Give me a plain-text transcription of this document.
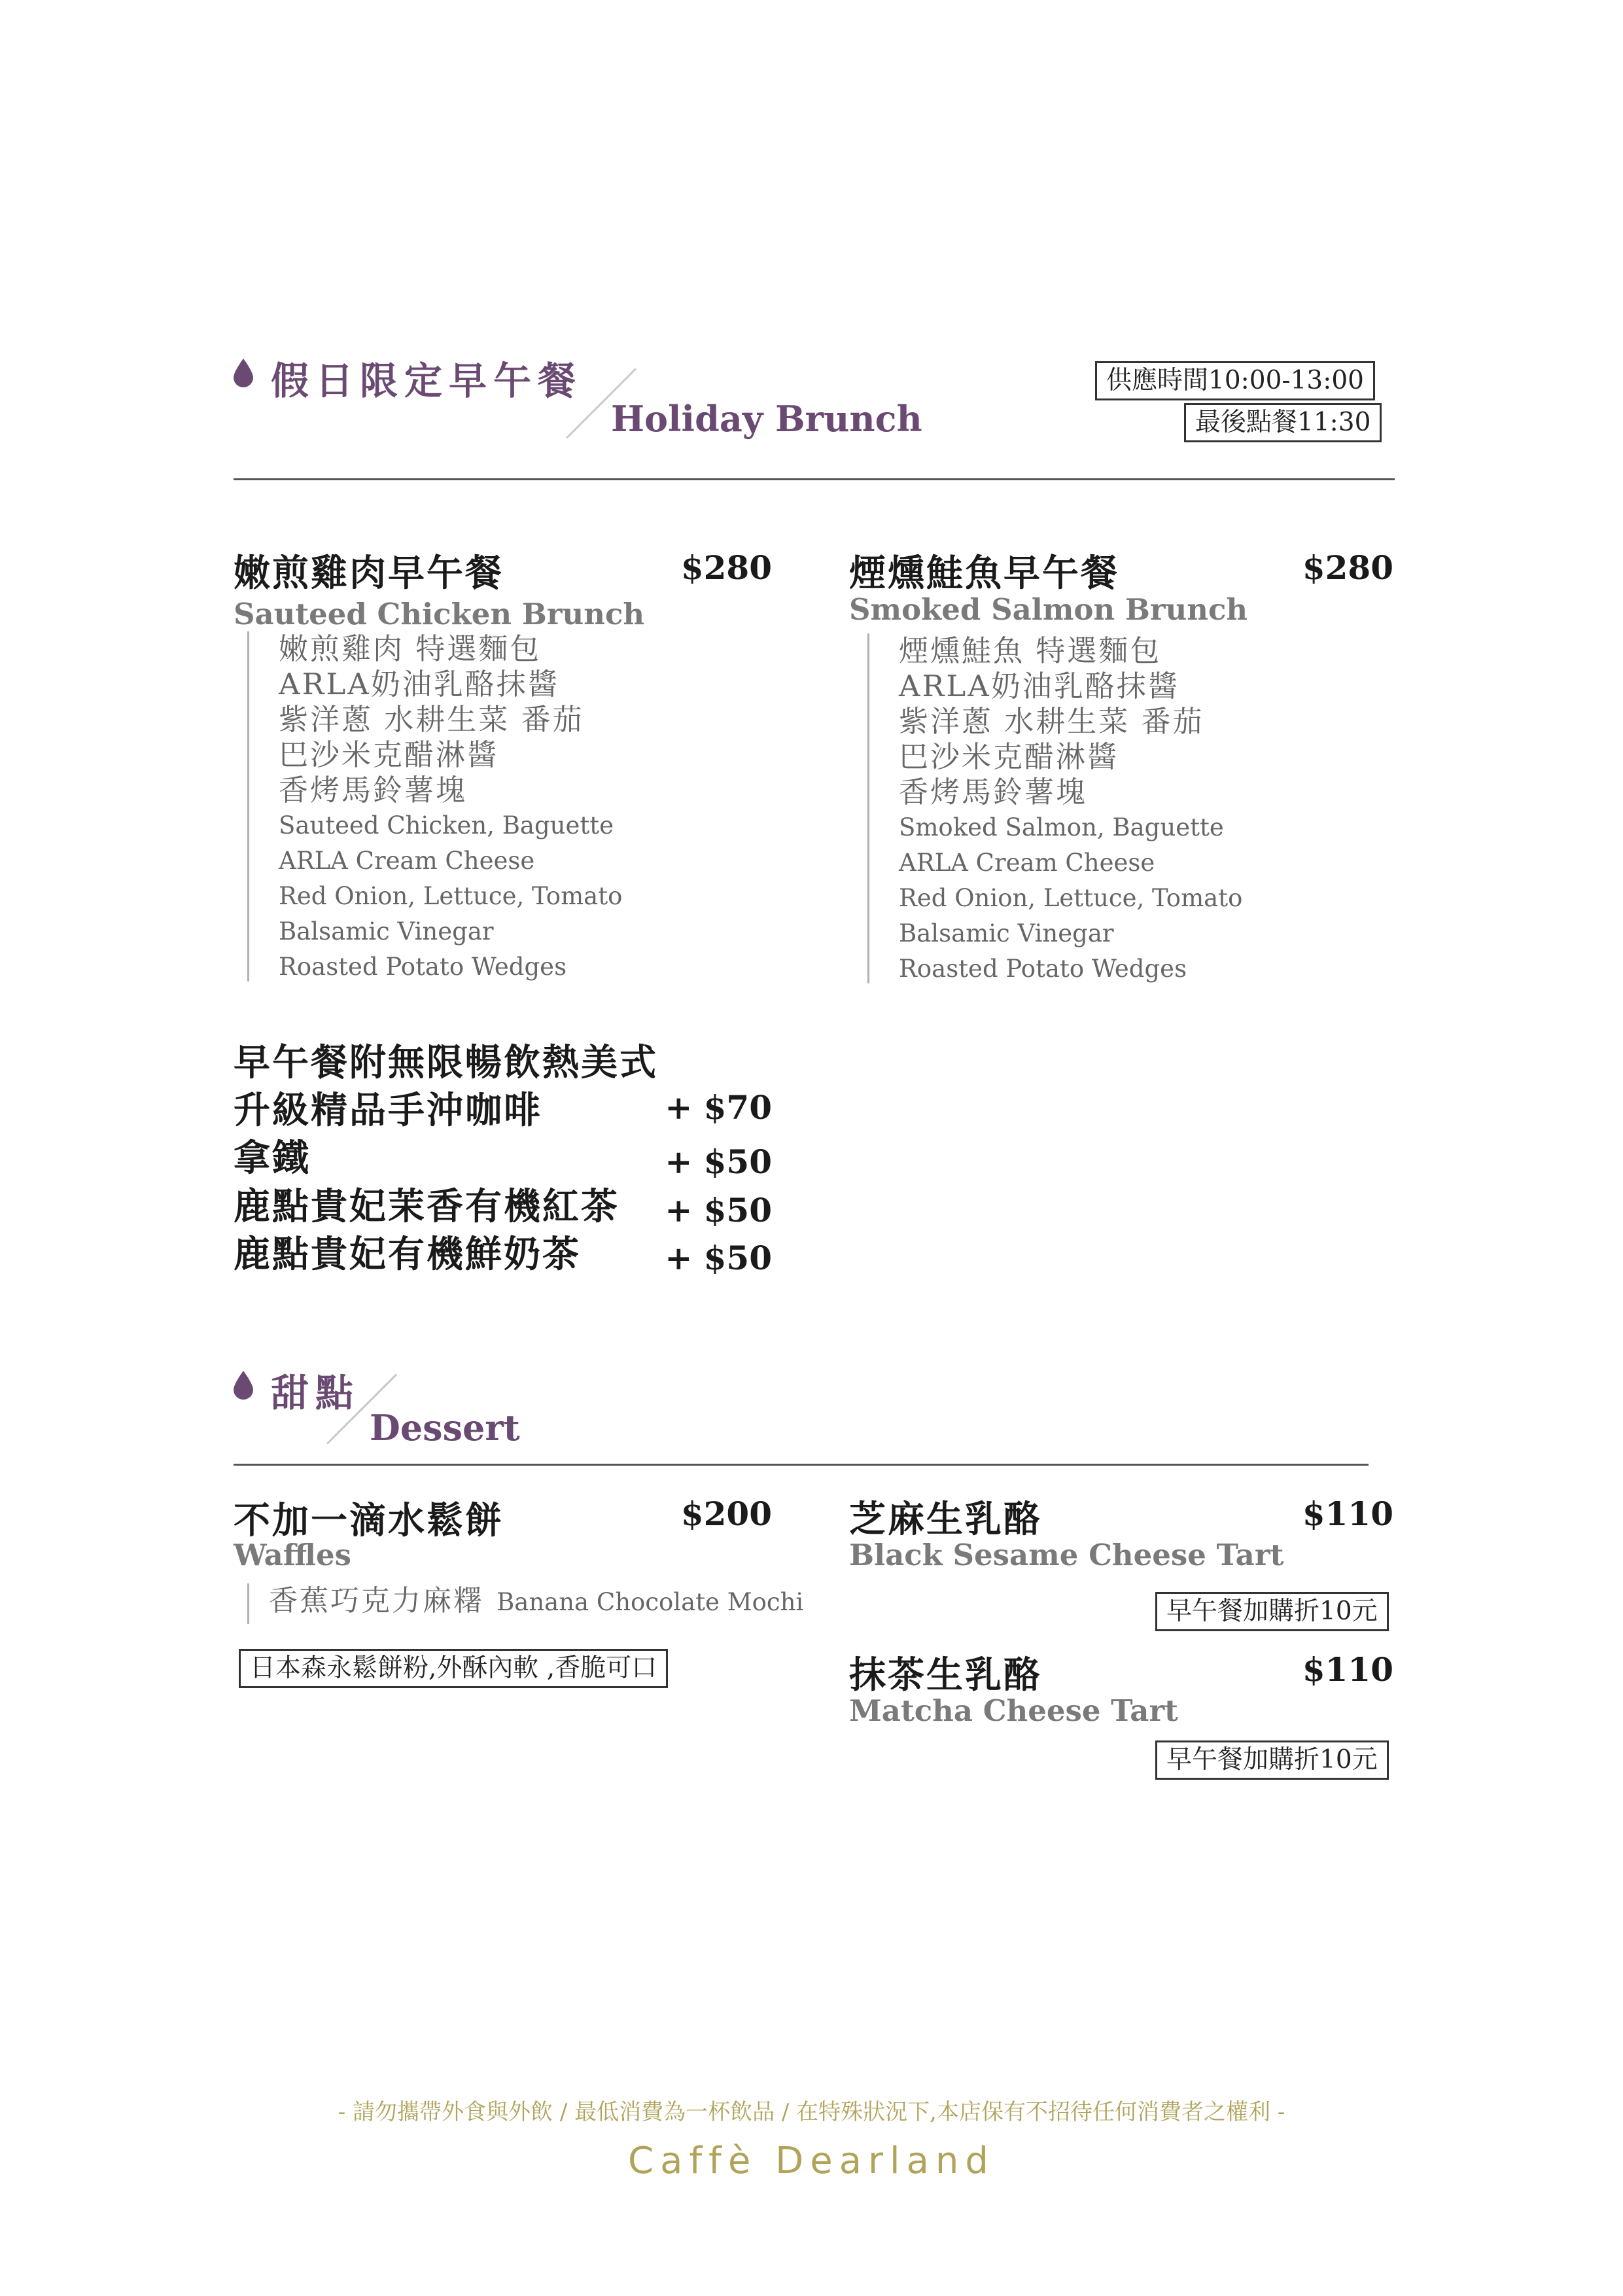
假日限定早午餐
Holiday Brunch
供應時間10:00-13:00
最後點餐11:30
嫩煎雞肉早午餐	$280
Sauteed Chicken Brunch
嫩煎雞肉 特選麵包
ARLA奶油乳酪抹醬
紫洋蔥 水耕生菜 番茄
巴沙米克醋淋醬
香烤馬鈴薯塊
Sauteed Chicken, Baguette
ARLA Cream Cheese
Red Onion, Lettuce, Tomato
Balsamic Vinegar
Roasted Potato Wedges
煙燻鮭魚早午餐	$280
Smoked Salmon Brunch
煙燻鮭魚 特選麵包
ARLA奶油乳酪抹醬
紫洋蔥 水耕生菜 番茄
巴沙米克醋淋醬
香烤馬鈴薯塊
Smoked Salmon, Baguette
ARLA Cream Cheese
Red Onion, Lettuce, Tomato
Balsamic Vinegar
Roasted Potato Wedges
早午餐附無限暢飲熱美式
升級精品手沖咖啡	+ $70
拿鐵	+ $50
鹿點貴妃茉香有機紅茶	+ $50
鹿點貴妃有機鮮奶茶	+ $50
甜點
Dessert
不加一滴水鬆餅	$200
Waffles
香蕉巧克力麻糬 Banana Chocolate Mochi
日本森永鬆餅粉,外酥內軟 ,香脆可口
芝麻生乳酪	$110
Black Sesame Cheese Tart
早午餐加購折10元
抹茶生乳酪	$110
Matcha Cheese Tart
早午餐加購折10元
- 請勿攜帶外食與外飲 / 最低消費為一杯飲品 / 在特殊狀況下,本店保有不招待任何消費者之權利 -
Caffè Dearland
